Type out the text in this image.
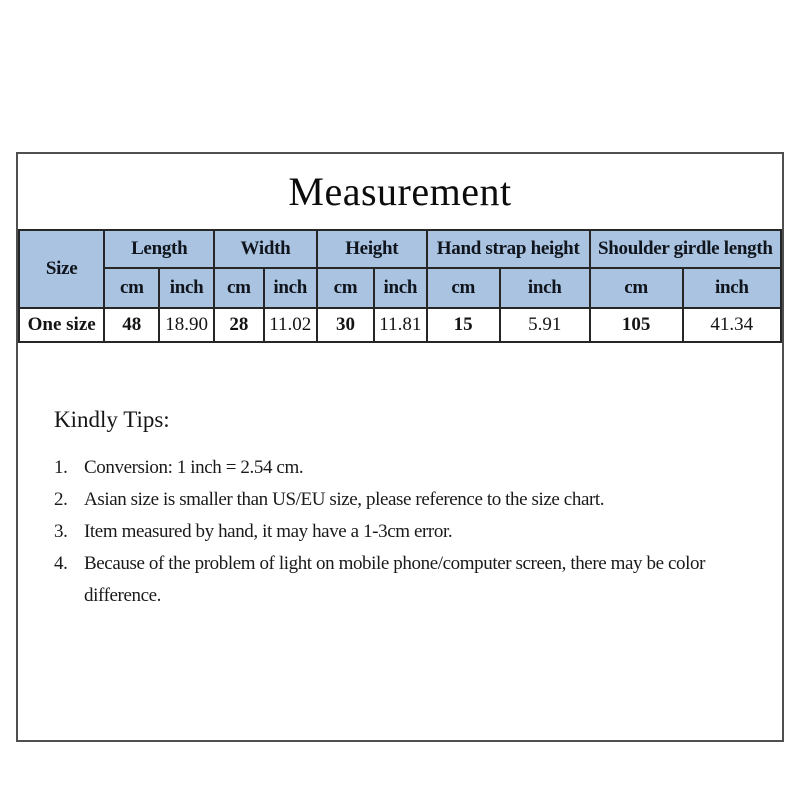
Measurement
Size	Length		Width		Height		Hand strap height		Shoulder girdle length	
	cm	inch	cm	inch	cm	inch	cm	inch	cm	inch
One size	48	18.90	28	11.02	30	11.81	15	5.91	105	41.34
Kindly Tips:
1. Conversion: 1 inch = 2.54 cm.
2. Asian size is smaller than US/EU size, please reference to the size chart.
3. Item measured by hand, it may have a 1-3cm error.
4. Because of the problem of light on mobile phone/computer screen, there may be color difference.
